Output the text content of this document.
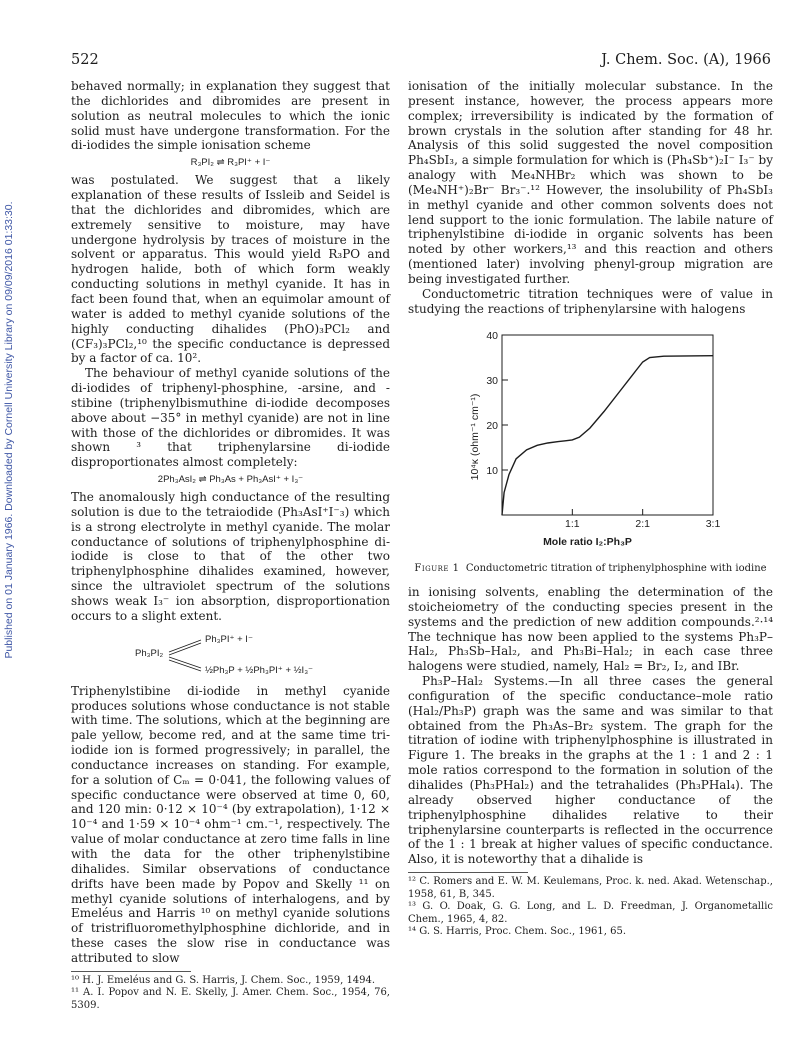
Published on 01 January 1966. Downloaded by Cornell University Library on 09/09/2016 01:33:30.
522	J. Chem. Soc. (A), 1966

behaved normally; in explanation they suggest that the dichlorides and dibromides are present in solution as neutral molecules to which the ionic solid must have undergone transformation. For the di-iodides the simple ionisation scheme

R₃PI₂ ⇌ R₃PI⁺ + I⁻

was postulated. We suggest that a likely explanation of these results of Issleib and Seidel is that the dichlorides and dibromides, which are extremely sensitive to moisture, may have undergone hydrolysis by traces of moisture in the solvent or apparatus. This would yield R₃PO and hydrogen halide, both of which form weakly conducting solutions in methyl cyanide. It has in fact been found that, when an equimolar amount of water is added to methyl cyanide solutions of the highly conducting dihalides (PhO)₃PCl₂ and (CF₃)₃PCl₂,¹⁰ the specific conductance is depressed by a factor of ca. 10².

The behaviour of methyl cyanide solutions of the di-iodides of triphenyl-phosphine, -arsine, and -stibine (triphenylbismuthine di-iodide decomposes above about −35° in methyl cyanide) are not in line with those of the dichlorides or dibromides. It was shown ³ that triphenylarsine di-iodide disproportionates almost completely:

2Ph₃AsI₂ ⇌ Ph₃As + Ph₃AsI⁺ + I₃⁻

The anomalously high conductance of the resulting solution is due to the tetraiodide (Ph₃AsI⁺I⁻₃) which is a strong electrolyte in methyl cyanide. The molar conductance of solutions of triphenylphosphine di-iodide is close to that of the other two triphenylphosphine dihalides examined, however, since the ultraviolet spectrum of the solutions shows weak I₃⁻ ion absorption, disproportionation occurs to a slight extent.

Ph₃PI₂
Ph₃PI⁺ + I⁻
½Ph₃P + ½Ph₃PI⁺ + ½I₃⁻

Triphenylstibine di-iodide in methyl cyanide produces solutions whose conductance is not stable with time. The solutions, which at the beginning are pale yellow, become red, and at the same time tri-iodide ion is formed progressively; in parallel, the conductance increases on standing. For example, for a solution of Cₘ = 0·041, the following values of specific conductance were observed at time 0, 60, and 120 min: 0·12 × 10⁻⁴ (by extrapolation), 1·12 × 10⁻⁴ and 1·59 × 10⁻⁴ ohm⁻¹ cm.⁻¹, respectively. The value of molar conductance at zero time falls in line with the data for the other triphenylstibine dihalides. Similar observations of conductance drifts have been made by Popov and Skelly ¹¹ on methyl cyanide solutions of interhalogens, and by Emeléus and Harris ¹⁰ on methyl cyanide solutions of tristrifluoromethylphosphine dichloride, and in these cases the slow rise in conductance was attributed to slow

¹⁰ H. J. Emeléus and G. S. Harris, J. Chem. Soc., 1959, 1494.

¹¹ A. I. Popov and N. E. Skelly, J. Amer. Chem. Soc., 1954, 76, 5309.

ionisation of the initially molecular substance. In the present instance, however, the process appears more complex; irreversibility is indicated by the formation of brown crystals in the solution after standing for 48 hr. Analysis of this solid suggested the novel composition Ph₄SbI₃, a simple formulation for which is (Ph₄Sb⁺)₂I⁻ I₃⁻ by analogy with Me₄NHBr₂ which was shown to be (Me₄NH⁺)₂Br⁻ Br₃⁻.¹² However, the insolubility of Ph₄SbI₃ in methyl cyanide and other common solvents does not lend support to the ionic formulation. The labile nature of triphenylstibine di-iodide in organic solvents has been noted by other workers,¹³ and this reaction and others (mentioned later) involving phenyl-group migration are being investigated further.

Conductometric titration techniques were of value in studying the reactions of triphenylarsine with halogens

10
20
30
40
1:1	2:1	3:1
10⁴κ (ohm⁻¹ cm⁻¹)
Mole ratio I₂:Ph₃P
Figure 1 Conductometric titration of triphenylphosphine with iodine

in ionising solvents, enabling the determination of the stoicheiometry of the conducting species present in the systems and the prediction of new addition compounds.²·¹⁴ The technique has now been applied to the systems Ph₃P–Hal₂, Ph₃Sb–Hal₂, and Ph₃Bi–Hal₂; in each case three halogens were studied, namely, Hal₂ = Br₂, I₂, and IBr.

Ph₃P–Hal₂ Systems.—In all three cases the general configuration of the specific conductance–mole ratio (Hal₂/Ph₃P) graph was the same and was similar to that obtained from the Ph₃As–Br₂ system. The graph for the titration of iodine with triphenylphosphine is illustrated in Figure 1. The breaks in the graphs at the 1 : 1 and 2 : 1 mole ratios correspond to the formation in solution of the dihalides (Ph₃PHal₂) and the tetrahalides (Ph₃PHal₄). The already observed higher conductance of the triphenylphosphine dihalides relative to their triphenylarsine counterparts is reflected in the occurrence of the 1 : 1 break at higher values of specific conductance. Also, it is noteworthy that a dihalide is

¹² C. Romers and E. W. M. Keulemans, Proc. k. ned. Akad. Wetenschap., 1958, 61, B, 345.

¹³ G. O. Doak, G. G. Long, and L. D. Freedman, J. Organometallic Chem., 1965, 4, 82.

¹⁴ G. S. Harris, Proc. Chem. Soc., 1961, 65.
